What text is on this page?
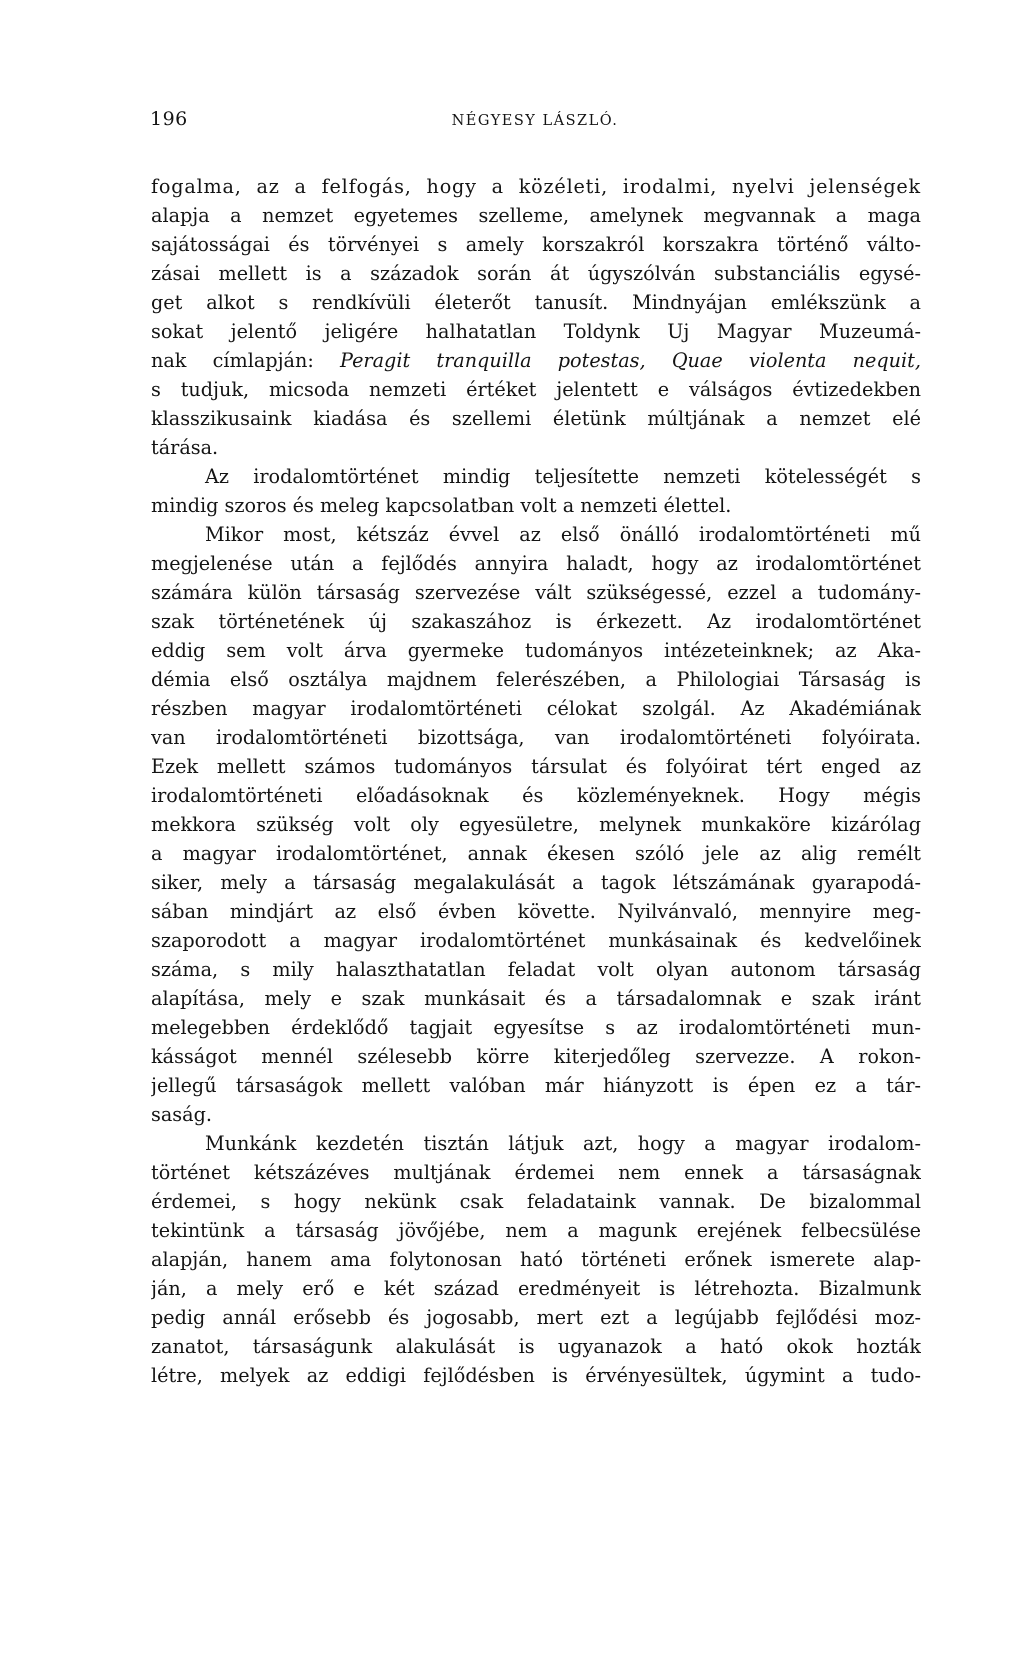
196	NÉGYESY LÁSZLÓ.
fogalma, az a felfogás, hogy a közéleti, irodalmi, nyelvi jelenségek
alapja a nemzet egyetemes szelleme, amelynek megvannak a maga
sajátosságai és törvényei s amely korszakról korszakra történő válto-
zásai mellett is a századok során át úgyszólván substanciális egysé-
get alkot s rendkívüli életerőt tanusít. Mindnyájan emlékszünk a
sokat jelentő jeligére halhatatlan Toldynk Uj Magyar Muzeumá-
nak címlapján: Peragit tranquilla potestas, Quae violenta nequit,
s tudjuk, micsoda nemzeti értéket jelentett e válságos évtizedekben
klasszikusaink kiadása és szellemi életünk múltjának a nemzet elé
tárása.
Az irodalomtörténet mindig teljesítette nemzeti kötelességét s
mindig szoros és meleg kapcsolatban volt a nemzeti élettel.
Mikor most, kétszáz évvel az első önálló irodalomtörténeti mű
megjelenése után a fejlődés annyira haladt, hogy az irodalomtörténet
számára külön társaság szervezése vált szükségessé, ezzel a tudomány-
szak történetének új szakaszához is érkezett. Az irodalomtörténet
eddig sem volt árva gyermeke tudományos intézeteinknek; az Aka-
démia első osztálya majdnem felerészében, a Philologiai Társaság is
részben magyar irodalomtörténeti célokat szolgál. Az Akadémiának
van irodalomtörténeti bizottsága, van irodalomtörténeti folyóirata.
Ezek mellett számos tudományos társulat és folyóirat tért enged az
irodalomtörténeti előadásoknak és közleményeknek. Hogy mégis
mekkora szükség volt oly egyesületre, melynek munkaköre kizárólag
a magyar irodalomtörténet, annak ékesen szóló jele az alig remélt
siker, mely a társaság megalakulását a tagok létszámának gyarapodá-
sában mindjárt az első évben követte. Nyilvánvaló, mennyire meg-
szaporodott a magyar irodalomtörténet munkásainak és kedvelőinek
száma, s mily halaszthatatlan feladat volt olyan autonom társaság
alapítása, mely e szak munkásait és a társadalomnak e szak iránt
melegebben érdeklődő tagjait egyesítse s az irodalomtörténeti mun-
kásságot mennél szélesebb körre kiterjedőleg szervezze. A rokon-
jellegű társaságok mellett valóban már hiányzott is épen ez a tár-
saság.
Munkánk kezdetén tisztán látjuk azt, hogy a magyar irodalom-
történet kétszázéves multjának érdemei nem ennek a társaságnak
érdemei, s hogy nekünk csak feladataink vannak. De bizalommal
tekintünk a társaság jövőjébe, nem a magunk erejének felbecsülése
alapján, hanem ama folytonosan ható történeti erőnek ismerete alap-
ján, a mely erő e két század eredményeit is létrehozta. Bizalmunk
pedig annál erősebb és jogosabb, mert ezt a legújabb fejlődési moz-
zanatot, társaságunk alakulását is ugyanazok a ható okok hozták
létre, melyek az eddigi fejlődésben is érvényesültek, úgymint a tudo-
